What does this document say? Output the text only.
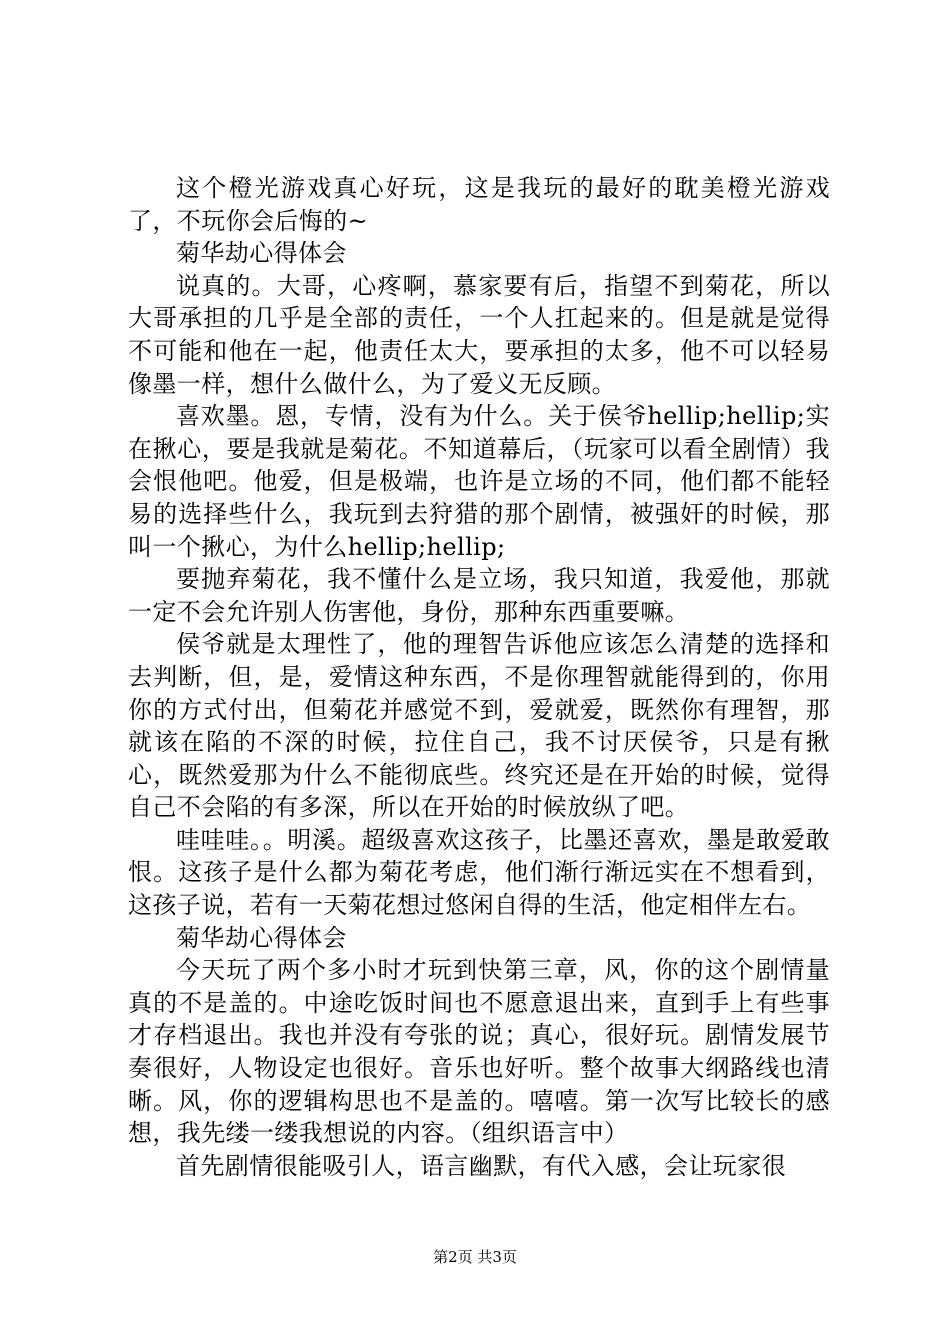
这个橙光游戏真心好玩，这是我玩的最好的耽美橙光游戏了，不玩你会后悔的~

菊华劫心得体会

说真的。大哥，心疼啊，慕家要有后，指望不到菊花，所以大哥承担的几乎是全部的责任，一个人扛起来的。但是就是觉得不可能和他在一起，他责任太大，要承担的太多，他不可以轻易像墨一样，想什么做什么，为了爱义无反顾。

喜欢墨。恩，专情，没有为什么。关于侯爷hellip;hellip;实在揪心，要是我就是菊花。不知道幕后，（玩家可以看全剧情）我会恨他吧。他爱，但是极端，也许是立场的不同，他们都不能轻易的选择些什么，我玩到去狩猎的那个剧情，被强奸的时候，那叫一个揪心，为什么hellip;hellip;

要抛弃菊花，我不懂什么是立场，我只知道，我爱他，那就一定不会允许别人伤害他，身份，那种东西重要嘛。

侯爷就是太理性了，他的理智告诉他应该怎么清楚的选择和去判断，但，是，爱情这种东西，不是你理智就能得到的，你用你的方式付出，但菊花并感觉不到，爱就爱，既然你有理智，那就该在陷的不深的时候，拉住自己，我不讨厌侯爷，只是有揪心，既然爱那为什么不能彻底些。终究还是在开始的时候，觉得自己不会陷的有多深，所以在开始的时候放纵了吧。

哇哇哇。。明溪。超级喜欢这孩子，比墨还喜欢，墨是敢爱敢恨。这孩子是什么都为菊花考虑，他们渐行渐远实在不想看到，这孩子说，若有一天菊花想过悠闲自得的生活，他定相伴左右。

菊华劫心得体会

今天玩了两个多小时才玩到快第三章，风，你的这个剧情量真的不是盖的。中途吃饭时间也不愿意退出来，直到手上有些事才存档退出。我也并没有夸张的说；真心，很好玩。剧情发展节奏很好，人物设定也很好。音乐也好听。整个故事大纲路线也清晰。风，你的逻辑构思也不是盖的。嘻嘻。第一次写比较长的感想，我先缕一缕我想说的内容。（组织语言中）

首先剧情很能吸引人，语言幽默，有代入感，会让玩家很

第2页 共3页
